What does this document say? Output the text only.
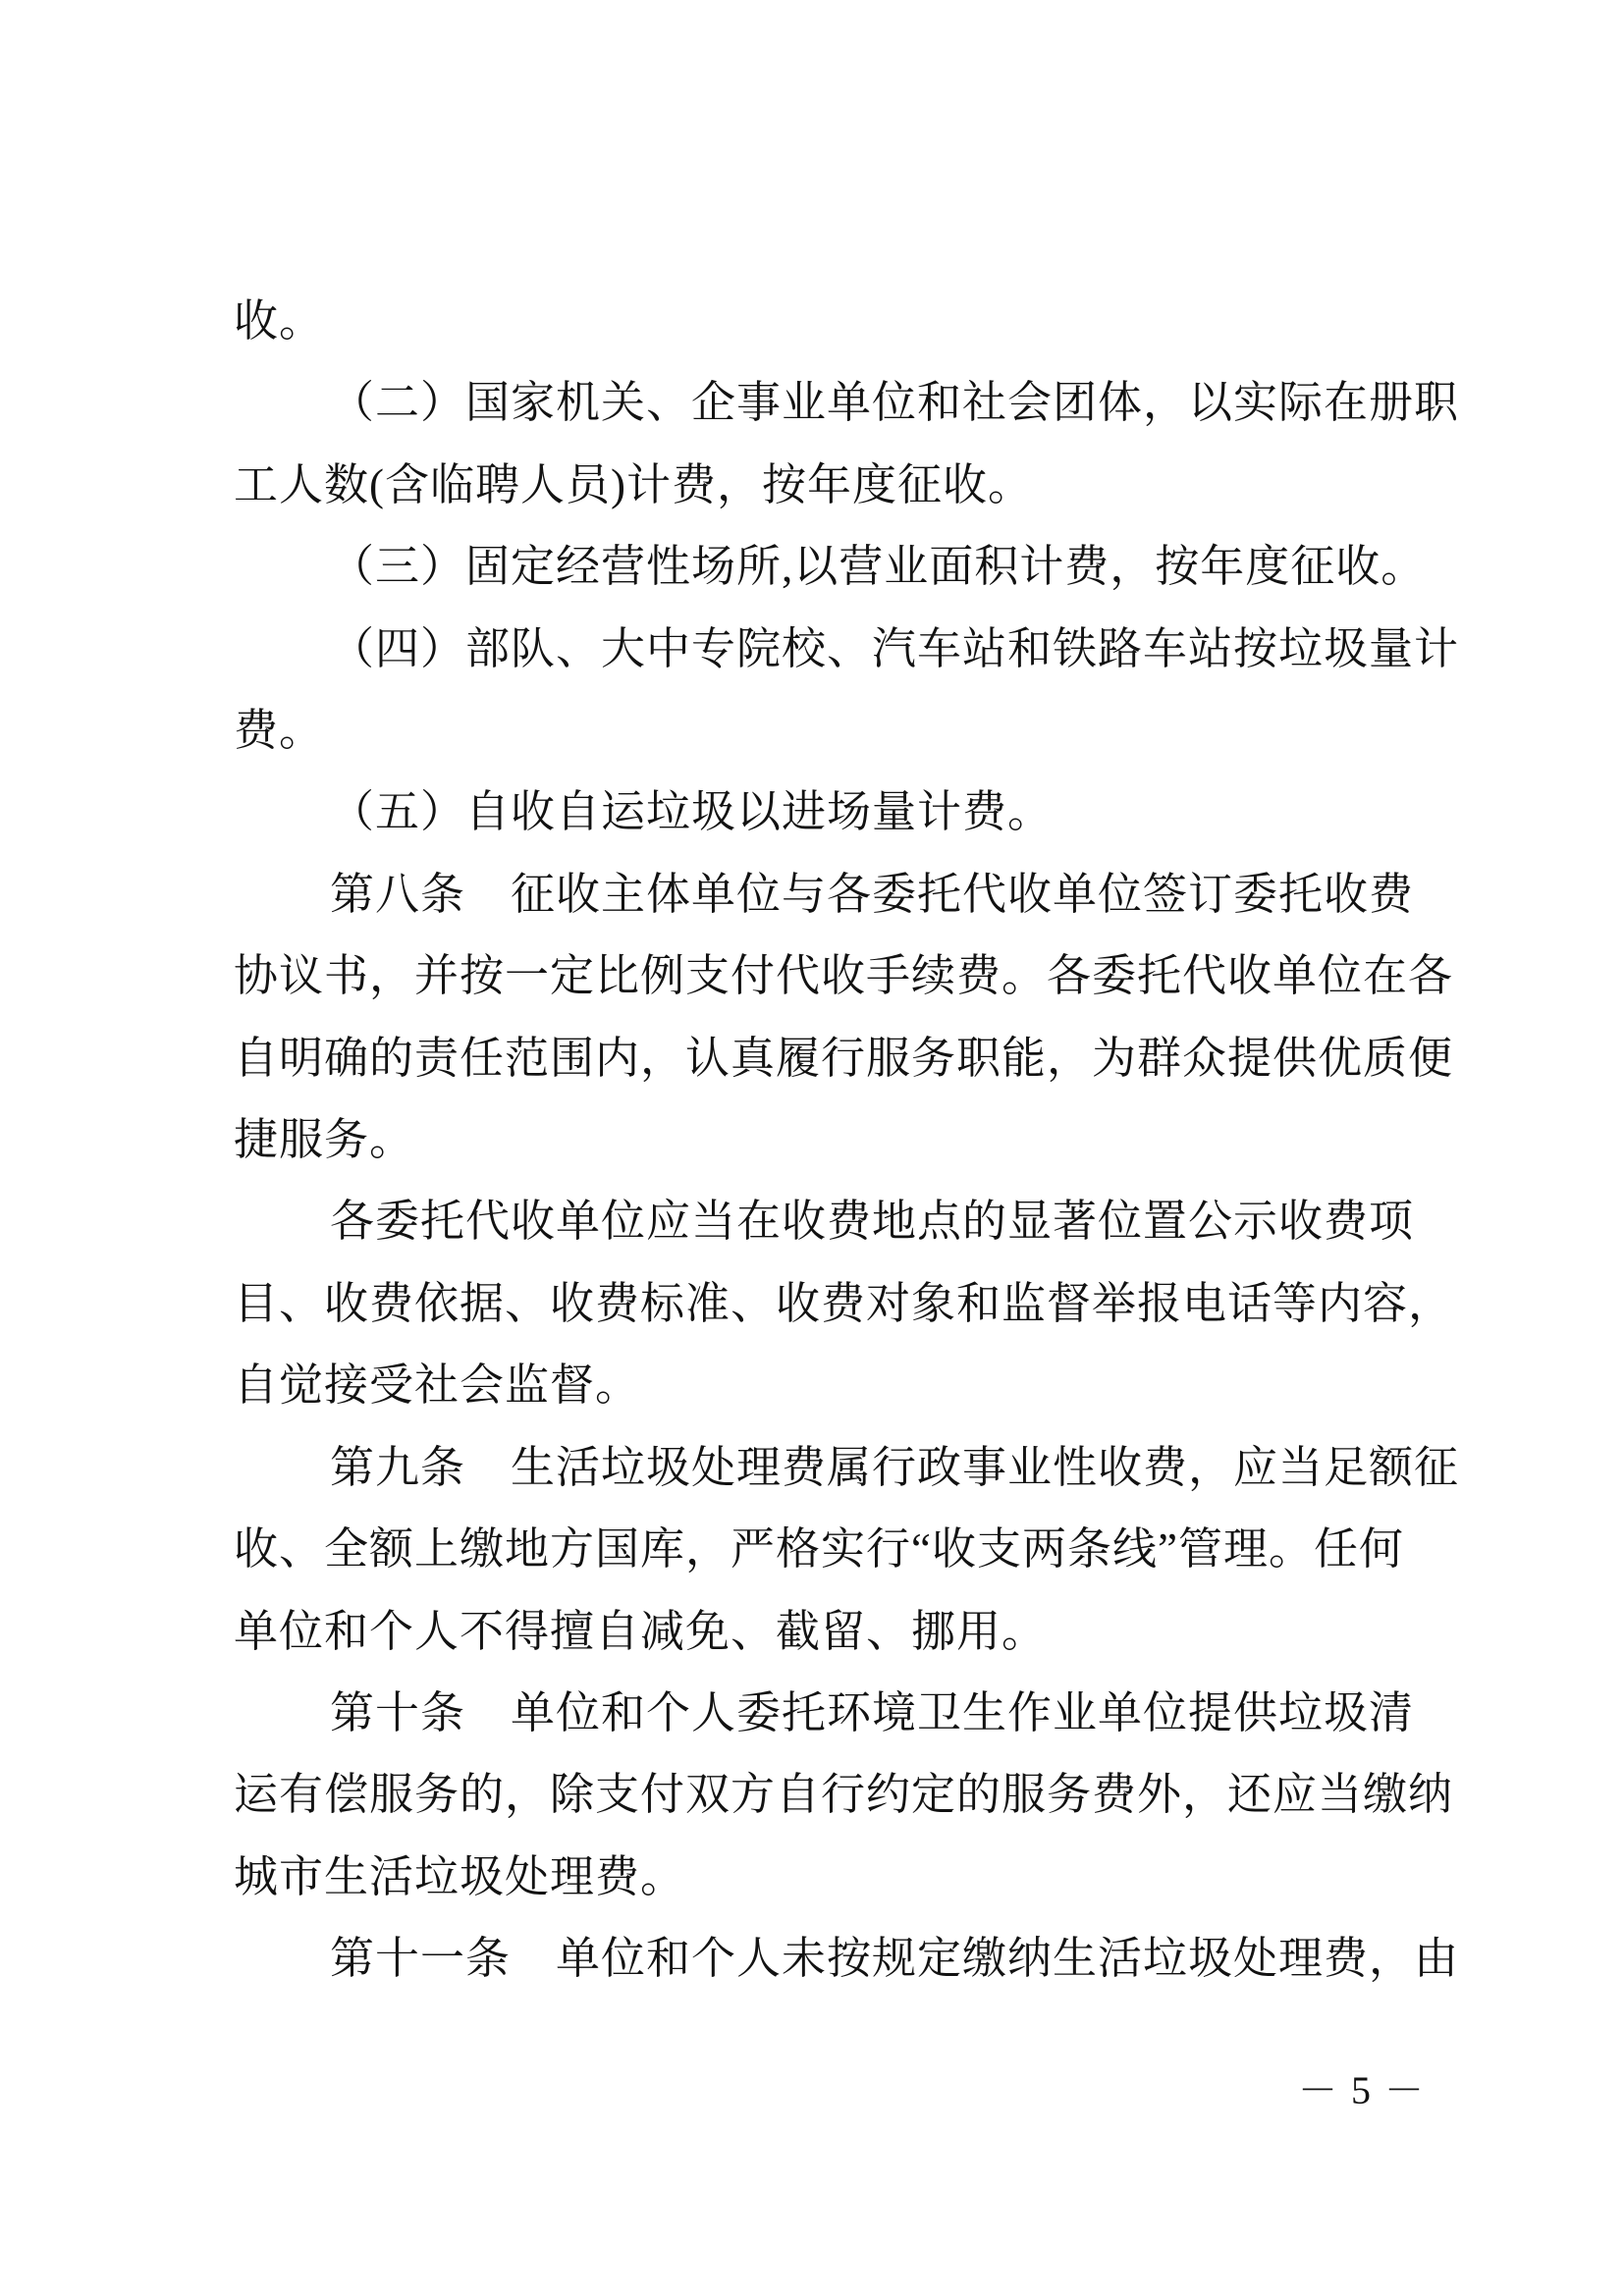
收。
（二）国家机关、企事业单位和社会团体，以实际在册职
工人数(含临聘人员)计费，按年度征收。
（三）固定经营性场所,以营业面积计费，按年度征收。
（四）部队、大中专院校、汽车站和铁路车站按垃圾量计
费。
（五）自收自运垃圾以进场量计费。
第八条　征收主体单位与各委托代收单位签订委托收费
协议书，并按一定比例支付代收手续费。各委托代收单位在各
自明确的责任范围内，认真履行服务职能，为群众提供优质便
捷服务。
各委托代收单位应当在收费地点的显著位置公示收费项
目、收费依据、收费标准、收费对象和监督举报电话等内容，
自觉接受社会监督。
第九条　生活垃圾处理费属行政事业性收费，应当足额征
收、全额上缴地方国库，严格实行“收支两条线”管理。任何
单位和个人不得擅自减免、截留、挪用。
第十条　单位和个人委托环境卫生作业单位提供垃圾清
运有偿服务的，除支付双方自行约定的服务费外，还应当缴纳
城市生活垃圾处理费。
第十一条　单位和个人未按规定缴纳生活垃圾处理费，由
－ 5 －
